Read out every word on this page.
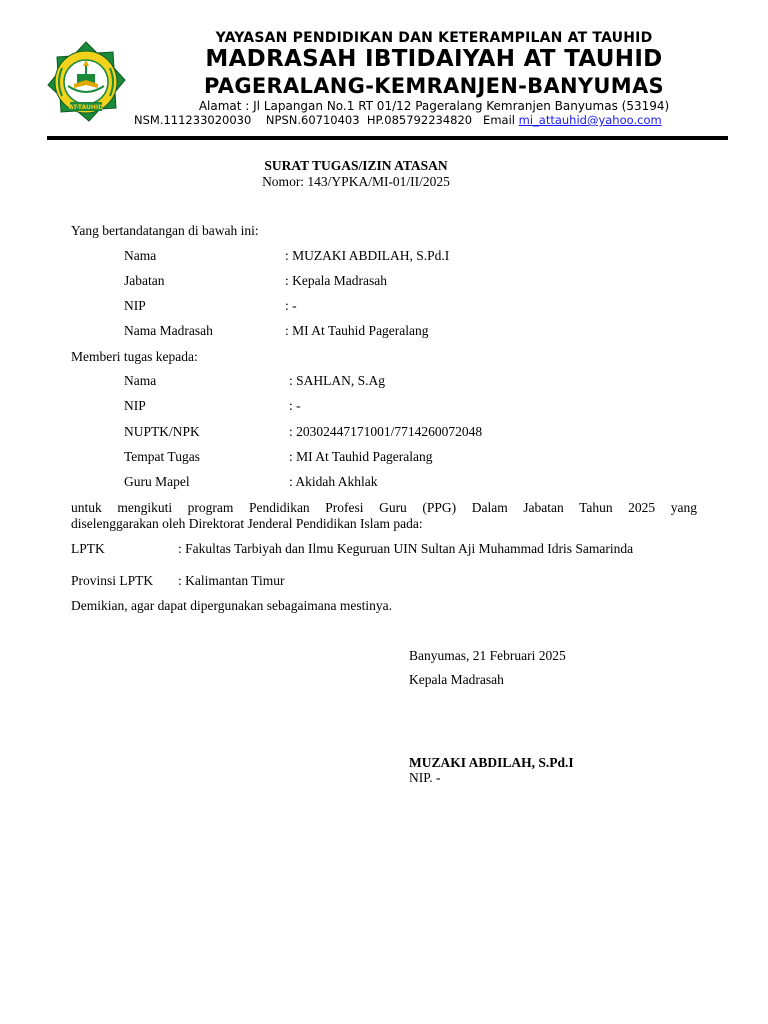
AT-TAUHID
YAYASAN PENDIDIKAN DAN KETERAMPILAN AT TAUHID
MADRASAH IBTIDAIYAH AT TAUHID
PAGERALANG-KEMRANJEN-BANYUMAS
Alamat : Jl Lapangan No.1 RT 01/12 Pageralang Kemranjen Banyumas (53194)
NSM.111233020030    NPSN.60710403  HP.085792234820   Email mi_attauhid@yahoo.com
SURAT TUGAS/IZIN ATASAN
Nomor: 143/YPKA/MI-01/II/2025
Yang bertandatangan di bawah ini:
Nama	: MUZAKI ABDILAH, S.Pd.I
Jabatan	: Kepala Madrasah
NIP	: -
Nama Madrasah	: MI At Tauhid Pageralang
Memberi tugas kepada:
Nama	: SAHLAN, S.Ag
NIP	: -
NUPTK/NPK	: 20302447171001/7714260072048
Tempat Tugas	: MI At Tauhid Pageralang
Guru Mapel	: Akidah Akhlak
untuk mengikuti program Pendidikan Profesi Guru (PPG) Dalam Jabatan Tahun 2025 yang
diselenggarakan oleh Direktorat Jenderal Pendidikan Islam pada:
LPTK	: Fakultas Tarbiyah dan Ilmu Keguruan UIN Sultan Aji Muhammad Idris Samarinda
Provinsi LPTK : Kalimantan Timur
Demikian, agar dapat dipergunakan sebagaimana mestinya.
Banyumas, 21 Februari 2025
Kepala Madrasah
MUZAKI ABDILAH, S.Pd.I
NIP. -
